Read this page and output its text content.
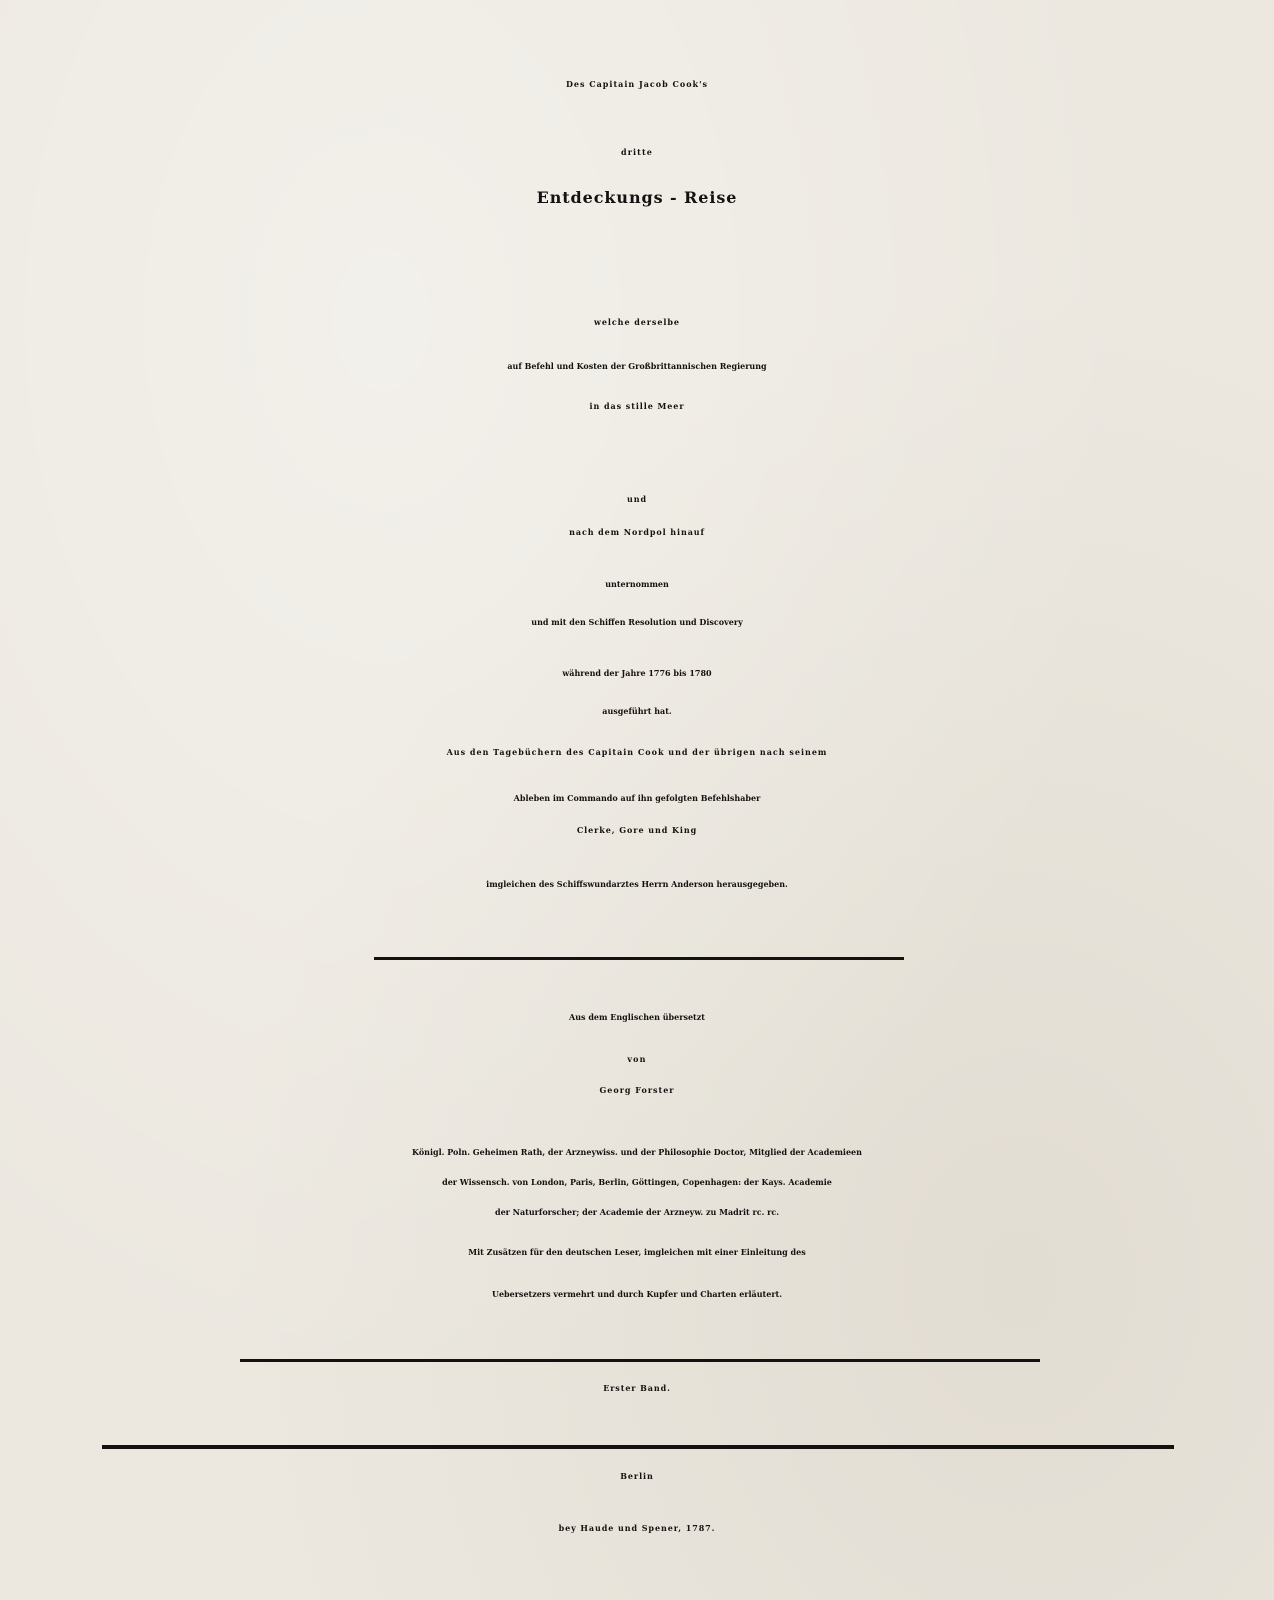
Des Capitain Jacob Cook's
dritte
Entdeckungs - Reise
welche derselbe
auf Befehl und Kosten der Großbrittannischen Regierung
in das stille Meer
und
nach dem Nordpol hinauf
unternommen
und mit den Schiffen Resolution und Discovery
während der Jahre 1776 bis 1780
ausgeführt hat.
Aus den Tagebüchern des Capitain Cook und der übrigen nach seinem
Ableben im Commando auf ihn gefolgten Befehlshaber
Clerke, Gore und King
imgleichen des Schiffswundarztes Herrn Anderson herausgegeben.
Aus dem Englischen übersetzt
von
Georg Forster
Königl. Poln. Geheimen Rath, der Arzneywiss. und der Philosophie Doctor, Mitglied der Academieen
der Wissensch. von London, Paris, Berlin, Göttingen, Copenhagen: der Kays. Academie
der Naturforscher; der Academie der Arzneyw. zu Madrit rc. rc.
Mit Zusätzen für den deutschen Leser, imgleichen mit einer Einleitung des
Uebersetzers vermehrt und durch Kupfer und Charten erläutert.
Erster Band.
Berlin
bey Haude und Spener, 1787.
